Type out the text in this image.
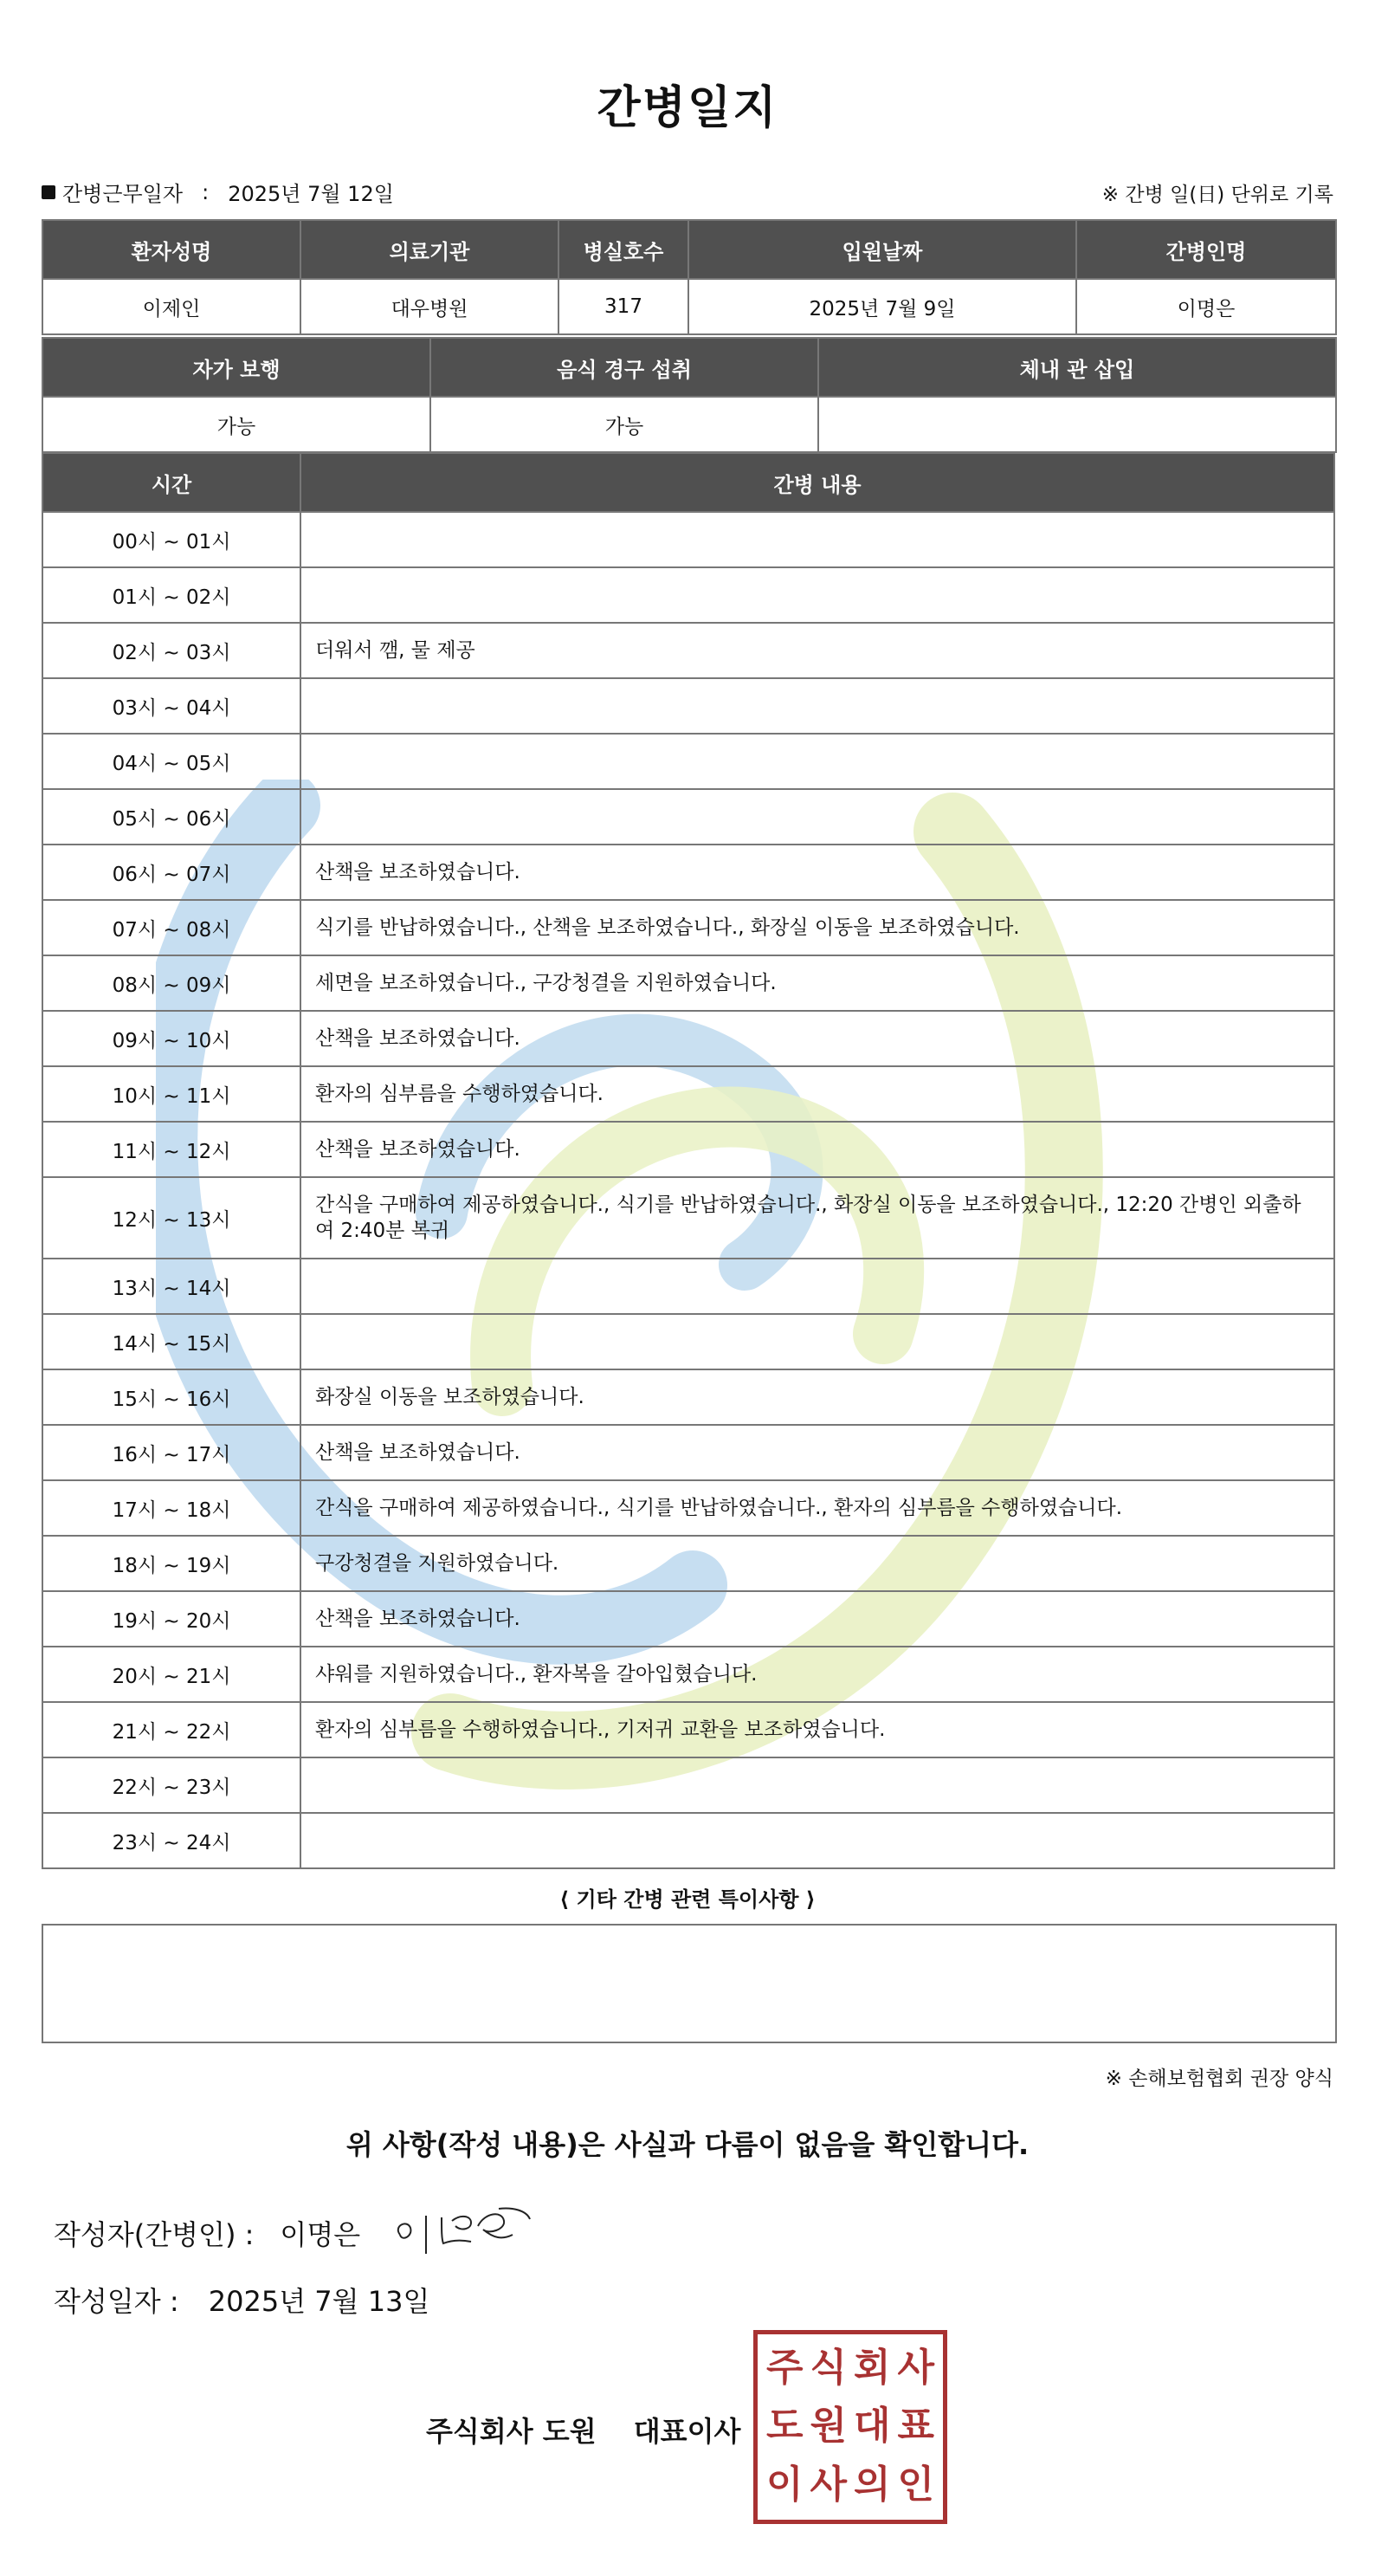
간병일지
간병근무일자 : 2025년 7월 12일	※ 간병 일(日) 단위로 기록
환자성명	의료기관	병실호수	입원날짜	간병인명
이제인	대우병원	317	2025년 7월 9일	이명은
자가 보행	음식 경구 섭취	체내 관 삽입
가능	가능	
시간	간병 내용
00시 ~ 01시	
01시 ~ 02시	
02시 ~ 03시	더워서 깸, 물 제공
03시 ~ 04시	
04시 ~ 05시	
05시 ~ 06시	
06시 ~ 07시	산책을 보조하였습니다.
07시 ~ 08시	식기를 반납하였습니다., 산책을 보조하였습니다., 화장실 이동을 보조하였습니다.
08시 ~ 09시	세면을 보조하였습니다., 구강청결을 지원하였습니다.
09시 ~ 10시	산책을 보조하였습니다.
10시 ~ 11시	환자의 심부름을 수행하였습니다.
11시 ~ 12시	산책을 보조하였습니다.
12시 ~ 13시	간식을 구매하여 제공하였습니다., 식기를 반납하였습니다., 화장실 이동을 보조하였습니다., 12:20 간병인 외출하여 2:40분 복귀
13시 ~ 14시	
14시 ~ 15시	
15시 ~ 16시	화장실 이동을 보조하였습니다.
16시 ~ 17시	산책을 보조하였습니다.
17시 ~ 18시	간식을 구매하여 제공하였습니다., 식기를 반납하였습니다., 환자의 심부름을 수행하였습니다.
18시 ~ 19시	구강청결을 지원하였습니다.
19시 ~ 20시	산책을 보조하였습니다.
20시 ~ 21시	샤워를 지원하였습니다., 환자복을 갈아입혔습니다.
21시 ~ 22시	환자의 심부름을 수행하였습니다., 기저귀 교환을 보조하였습니다.
22시 ~ 23시	
23시 ~ 24시	
⟨ 기타 간병 관련 특이사항 ⟩
※ 손해보험협회 권장 양식
위 사항(작성 내용)은 사실과 다름이 없음을 확인합니다.
작성자(간병인) : 이명은
작성일자 : 2025년 7월 13일
주식회사 도원 대표이사
주 식 회 사
도 원 대 표
이 사 의 인
